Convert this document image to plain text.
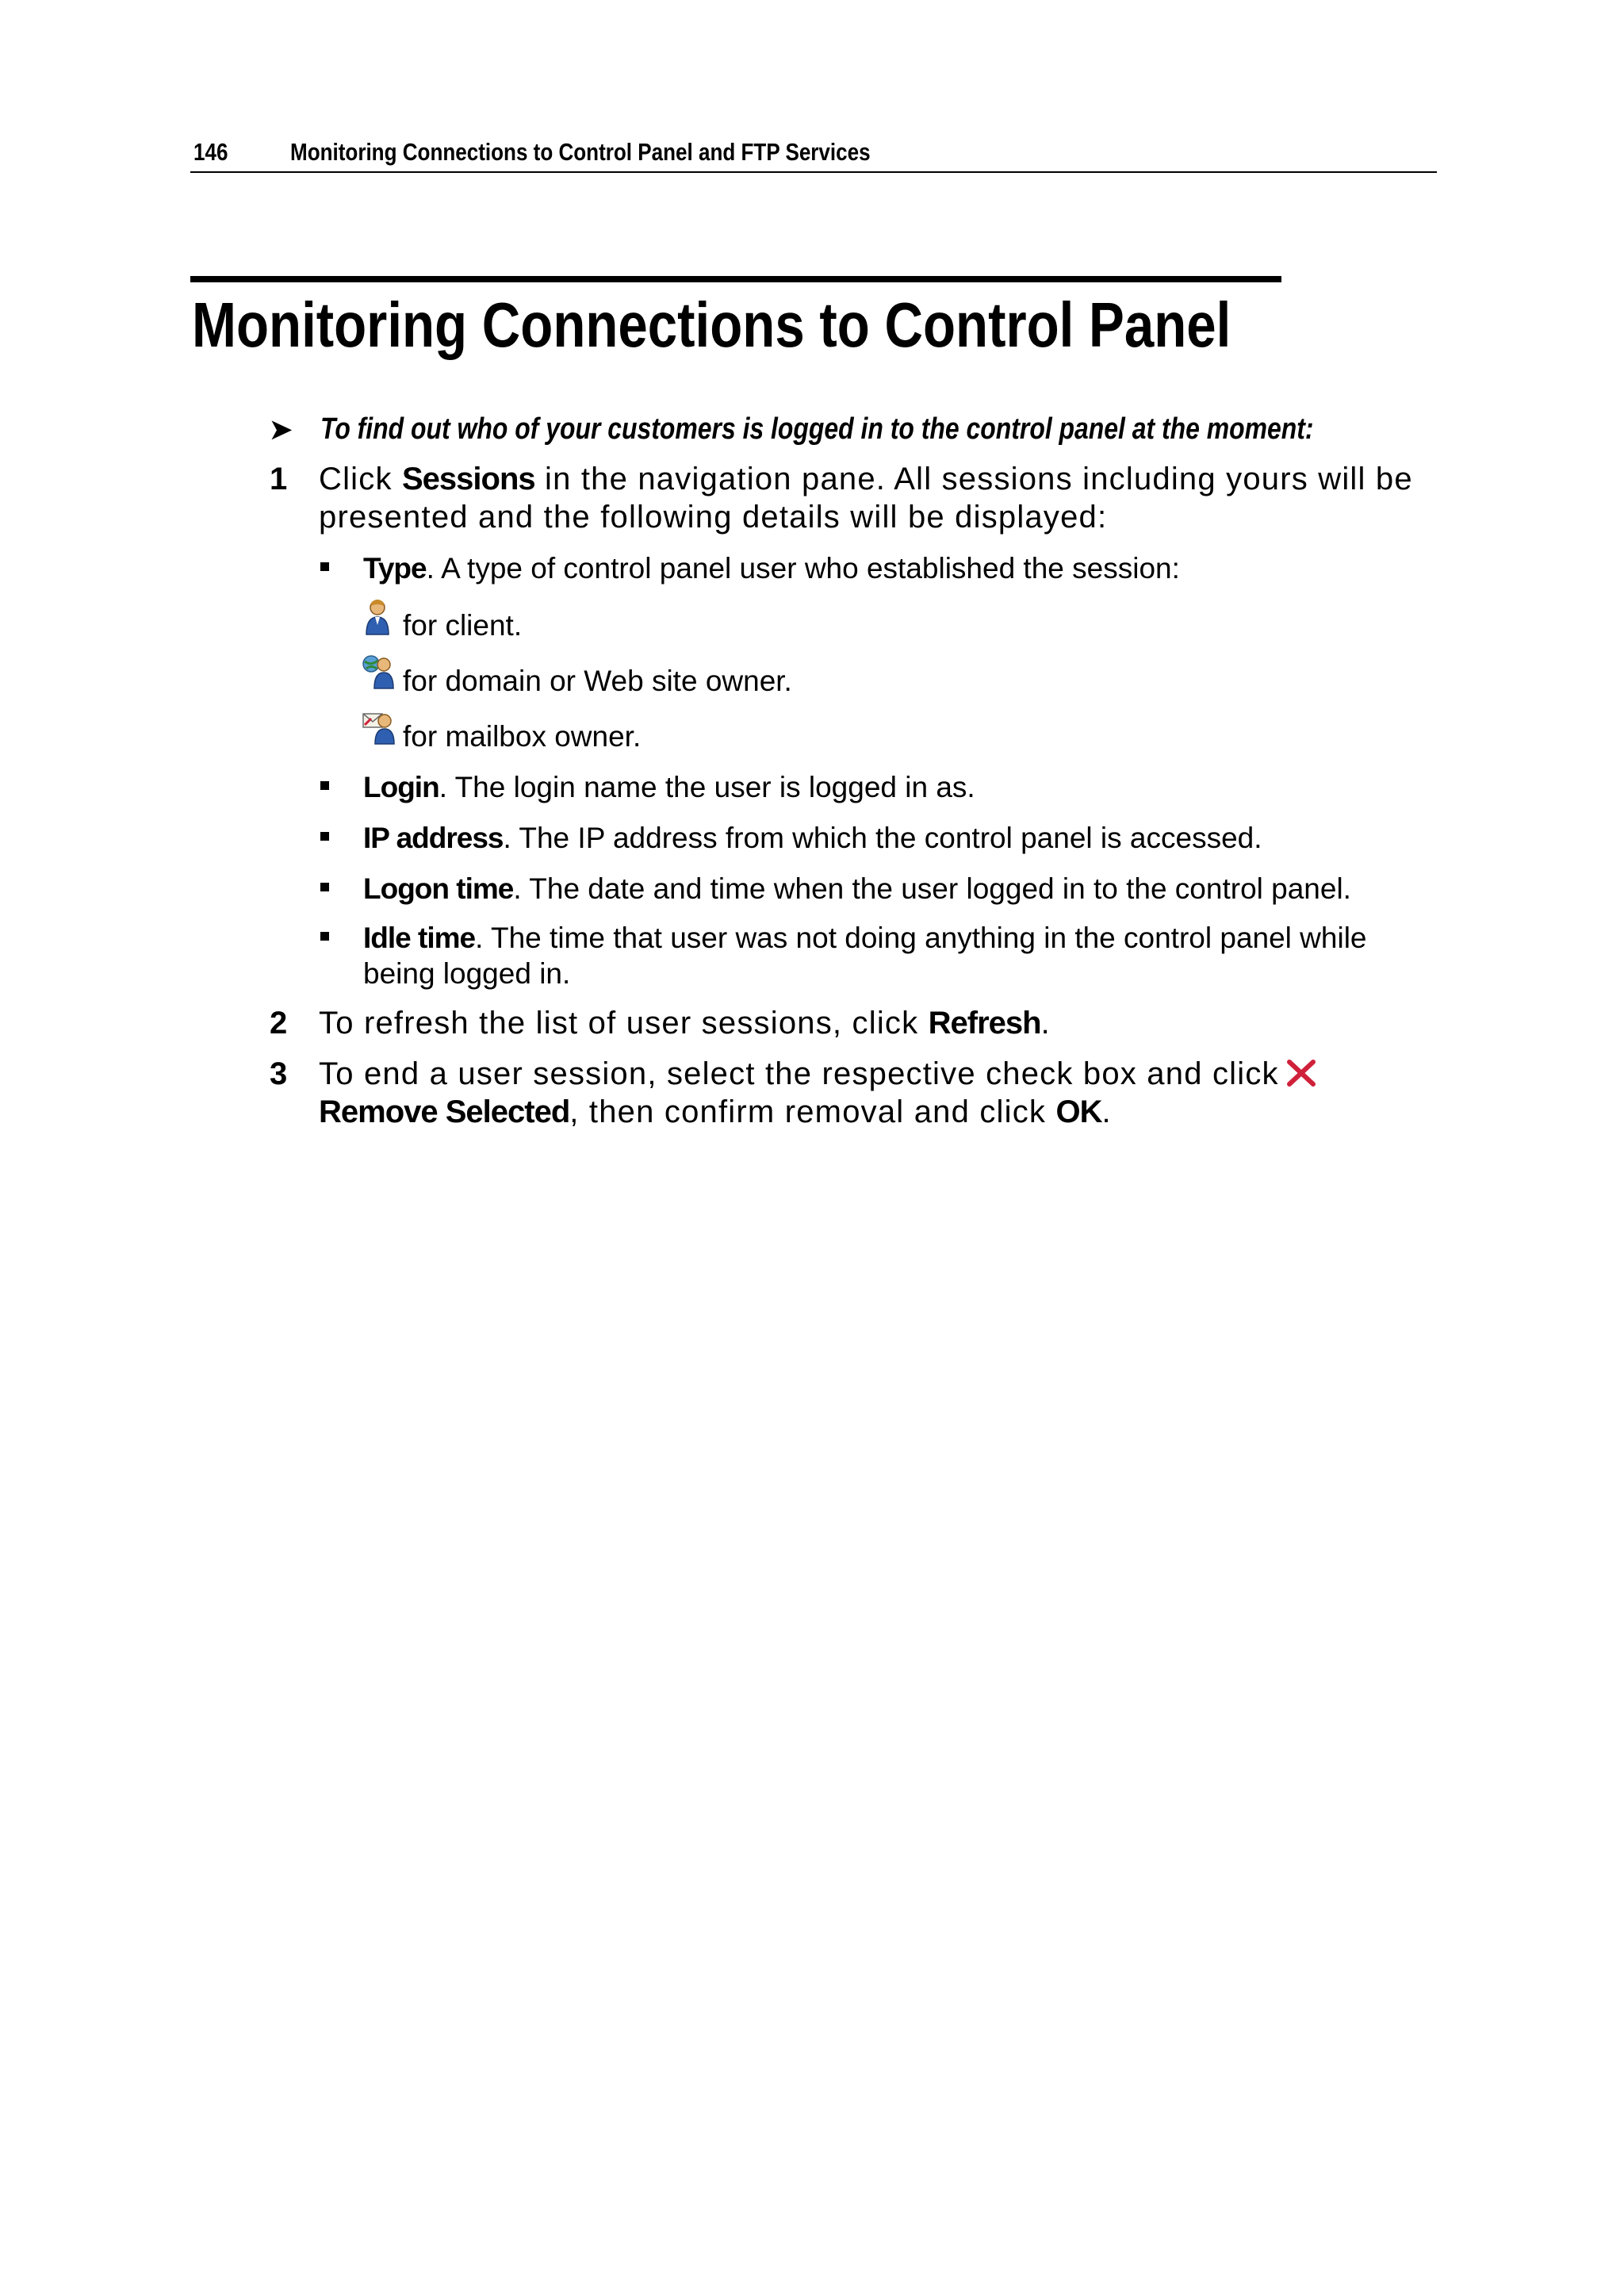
146	Monitoring Connections to Control Panel and FTP Services
Monitoring Connections to Control Panel
➤ To find out who of your customers is logged in to the control panel at the moment:
1 Click Sessions in the navigation pane. All sessions including yours will be presented and the following details will be displayed:
Type. A type of control panel user who established the session:
for client.
for domain or Web site owner.
for mailbox owner.
Login. The login name the user is logged in as.
IP address. The IP address from which the control panel is accessed.
Logon time. The date and time when the user logged in to the control panel.
Idle time. The time that user was not doing anything in the control panel while being logged in.
2 To refresh the list of user sessions, click Refresh.
3 To end a user session, select the respective check box and click
Remove Selected, then confirm removal and click OK.
